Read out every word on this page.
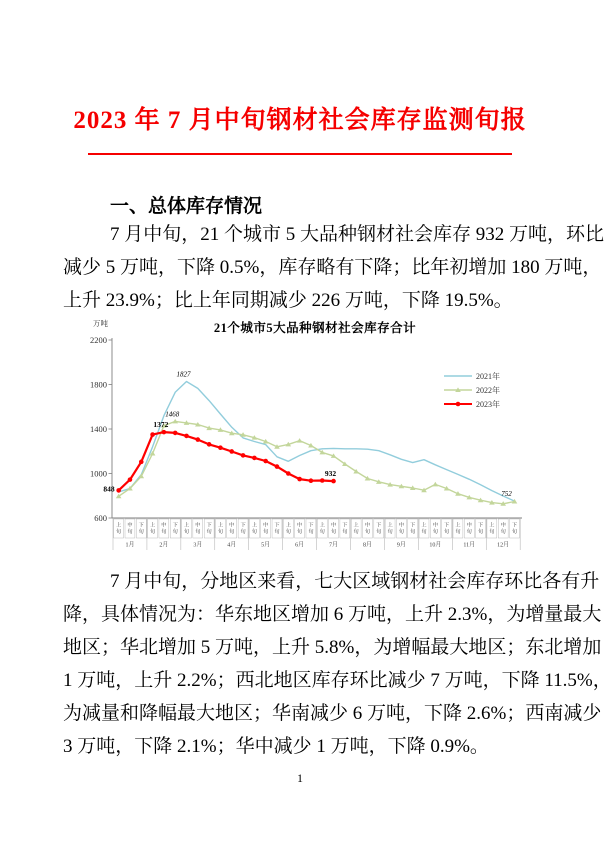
2023 年 7 月中旬钢材社会库存监测旬报
一、总体库存情况
7 月中旬，21 个城市 5 大品种钢材社会库存 932 万吨，环比
减少 5 万吨，下降 0.5%，库存略有下降；比年初增加 180 万吨，
上升 23.9%；比上年同期减少 226 万吨，下降 19.5%。
21个城市5大品种钢材社会库存合计
万吨
600
1000
1400
1800
2200
上旬
中旬
下旬
1月
上旬
中旬
下旬
2月
上旬
中旬
下旬
3月
上旬
中旬
下旬
4月
上旬
中旬
下旬
5月
上旬
中旬
下旬
6月
上旬
中旬
下旬
7月
上旬
中旬
下旬
8月
上旬
中旬
下旬
9月
上旬
中旬
下旬
10月
上旬
中旬
下旬
11月
上旬
中旬
下旬
12月
848
1372
1468
1827
932
752
2021年
2022年
2023年
7 月中旬，分地区来看，七大区域钢材社会库存环比各有升
降，具体情况为：华东地区增加 6 万吨，上升 2.3%，为增量最大
地区；华北增加 5 万吨，上升 5.8%，为增幅最大地区；东北增加
1 万吨，上升 2.2%；西北地区库存环比减少 7 万吨，下降 11.5%，
为减量和降幅最大地区；华南减少 6 万吨，下降 2.6%；西南减少
3 万吨，下降 2.1%；华中减少 1 万吨，下降 0.9%。
1
